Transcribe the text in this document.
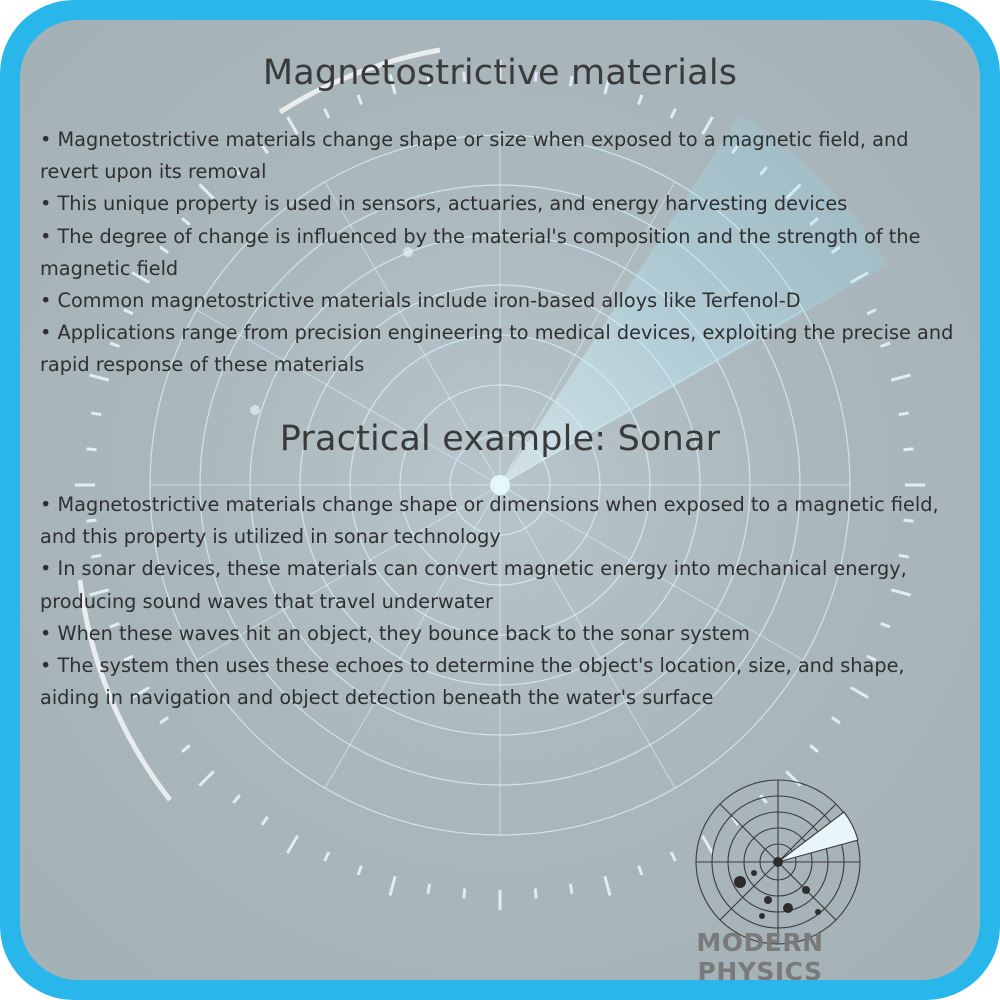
Magnetostrictive materials
• Magnetostrictive materials change shape or size when exposed to a magnetic field, and revert upon its removal
• This unique property is used in sensors, actuaries, and energy harvesting devices
• The degree of change is influenced by the material's composition and the strength of the magnetic field
• Common magnetostrictive materials include iron-based alloys like Terfenol-D
• Applications range from precision engineering to medical devices, exploiting the precise and rapid response of these materials
Practical example: Sonar
• Magnetostrictive materials change shape or dimensions when exposed to a magnetic field, and this property is utilized in sonar technology
• In sonar devices, these materials can convert magnetic energy into mechanical energy, producing sound waves that travel underwater
• When these waves hit an object, they bounce back to the sonar system
• The system then uses these echoes to determine the object's location, size, and shape, aiding in navigation and object detection beneath the water's surface
MODERN PHYSICS
